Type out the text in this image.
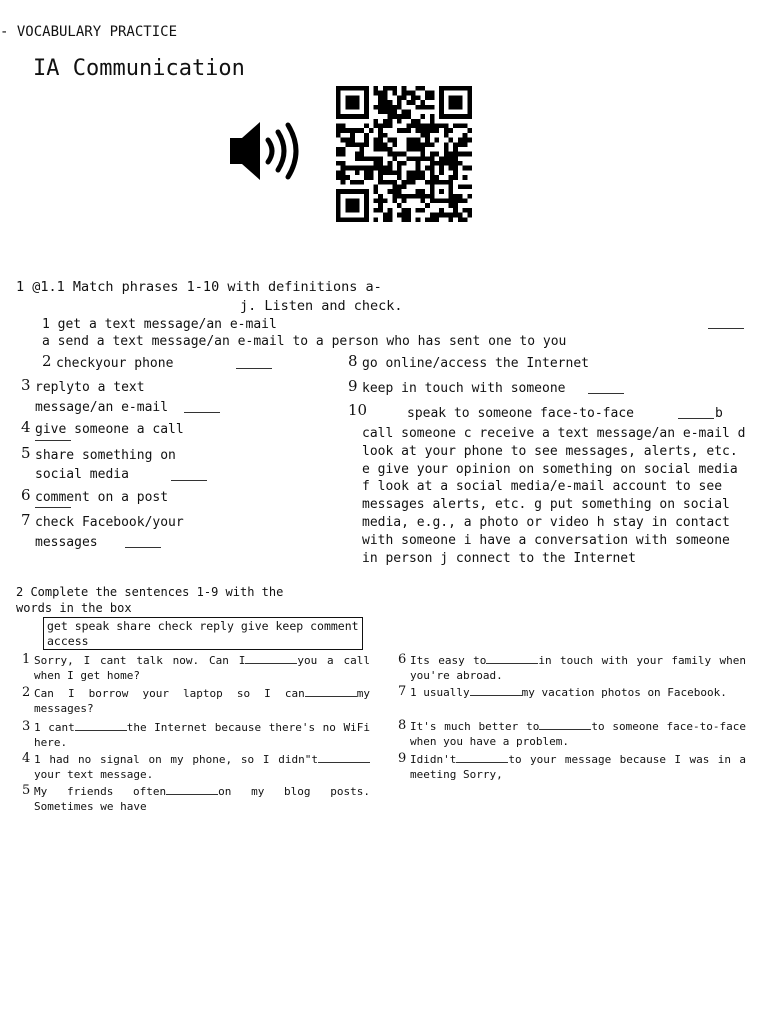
- VOCABULARY PRACTICE
IA Communication
1 @1.1 Match phrases 1-10 with definitions a-
j. Listen and check.
1 get a text message/an e-mail
a send a text message/an e-mail to a person who has sent one to you
2 checkyour phone
3 replyto a text
message/an e-mail
4 give someone a call
5 share something on
social media
6 comment on a post
7 check Facebook/your
messages
8 go online/access the Internet
9 keep in touch with someone
10	speak to someone face-to-face	b
call someone c receive a text message/an e-mail d look at your phone to see messages, alerts, etc. e give your opinion on something on social media f look at a social media/e-mail account to see messages alerts, etc. g put something on social media, e.g., a photo or video h stay in contact with someone i have a conversation with someone in person j connect to the Internet
2 Complete the sentences 1-9 with the
words in the box
get speak share check reply give keep comment access
1 Sorry, I cant talk now. Can I	you a call when I get home?
2 Can I borrow your laptop so I can	my messages?
3 1 cant	the Internet because there's no WiFi here.
4 1 had no signal on my phone, so I didn"tyour text message.
5 My friends often	on my blog posts. Sometimes we have
6 Its easy to	in touch with your family when you're abroad.
7 1 usually	my vacation photos on Facebook.
8 It's much better to	to someone face-to-face when you have a problem.
9 Ididn't	to your message because I was in a meeting Sorry,
